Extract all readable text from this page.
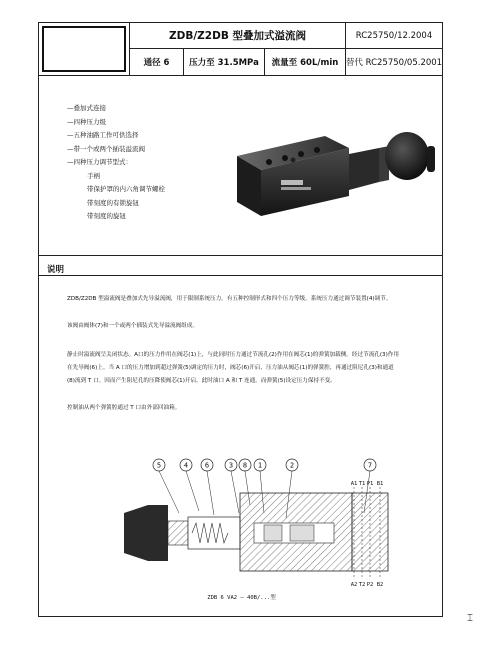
ZDB/Z2DB 型叠加式溢流阀	RC25750/12.2004
通径 6	压力至 31.5MPa	流量至 60L/min 替代 RC25750/05.2001
—叠加式连接
—四种压力级
—五种油路工作可供选择
—带一个或两个插装溢流阀
—四种压力调节型式：
手柄
带保护罩的内六角调节螺栓
带刻度的有锁旋钮
带刻度的旋钮
说明
ZDB/Z2DB 型溢流阀是叠加式先导溢流阀，用于限制系统压力。有五种控制形式和四个压力等级。系统压力通过调节装置(4)调节。
该阀由阀体(7)和一个或两个插装式先导溢流阀组成。
静止时溢流阀呈关闭状态。A口的压力作用在阀芯(1)上，与此同时压力通过节流孔(2)作用在阀芯(1)的弹簧加载侧。经过节流孔(3)作用
在先导阀(6)上。当 A 口的压力增加到超过弹簧(5)调定的压力时，阀芯(6)开启，压力油从阀芯(1)的弹簧腔，再通过阻尼孔(3)和通道
(8)流到 T 口。因而产生阻尼孔的压降使阀芯(1)开启。此时油口 A 和 T 连通。而弹簧(5)设定压力保持不变。
控制油从两个弹簧腔通过 T 口由外部回油箱。
5	4 6	3 8 1	2	7
A1 T1 P1 B1
A2 T2 P2 B2
ZDB 6 VA2 – 40B/...型
⌶
